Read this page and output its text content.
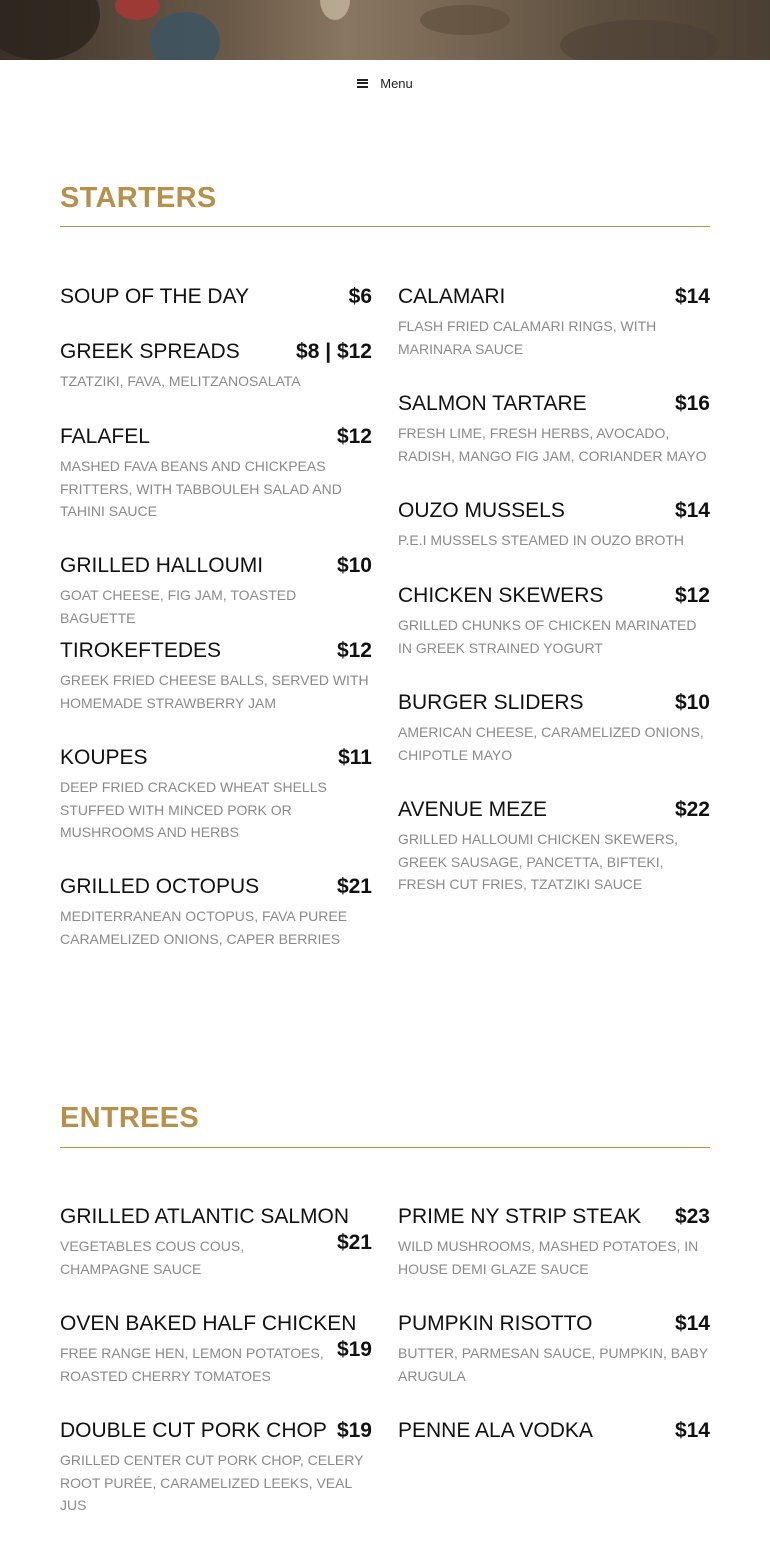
Menu
STARTERS
SOUP OF THE DAY	$6
GREEK SPREADS	$8 | $12
TZATZIKI, FAVA, MELITZANOSALATA
FALAFEL	$12
MASHED FAVA BEANS AND CHICKPEAS FRITTERS, WITH TABBOULEH SALAD AND TAHINI SAUCE
GRILLED HALLOUMI	$10
GOAT CHEESE, FIG JAM, TOASTED BAGUETTE
TIROKEFTEDES	$12
GREEK FRIED CHEESE BALLS, SERVED WITH HOMEMADE STRAWBERRY JAM
KOUPES	$11
DEEP FRIED CRACKED WHEAT SHELLS STUFFED WITH MINCED PORK OR MUSHROOMS AND HERBS
GRILLED OCTOPUS	$21
MEDITERRANEAN OCTOPUS, FAVA PUREE CARAMELIZED ONIONS, CAPER BERRIES
CALAMARI	$14
FLASH FRIED CALAMARI RINGS, WITH MARINARA SAUCE
SALMON TARTARE	$16
FRESH LIME, FRESH HERBS, AVOCADO, RADISH, MANGO FIG JAM, CORIANDER MAYO
OUZO MUSSELS	$14
P.E.I MUSSELS STEAMED IN OUZO BROTH
CHICKEN SKEWERS	$12
GRILLED CHUNKS OF CHICKEN MARINATED IN GREEK STRAINED YOGURT
BURGER SLIDERS	$10
AMERICAN CHEESE, CARAMELIZED ONIONS, CHIPOTLE MAYO
AVENUE MEZE	$22
GRILLED HALLOUMI CHICKEN SKEWERS, GREEK SAUSAGE, PANCETTA, BIFTEKI, FRESH CUT FRIES, TZATZIKI SAUCE
ENTREES
GRILLED ATLANTIC SALMON
$21
VEGETABLES COUS COUS, CHAMPAGNE SAUCE
OVEN BAKED HALF CHICKEN
$19
FREE RANGE HEN, LEMON POTATOES, ROASTED CHERRY TOMATOES
DOUBLE CUT PORK CHOP $19
GRILLED CENTER CUT PORK CHOP, CELERY ROOT PURÉE, CARAMELIZED LEEKS, VEAL JUS
PRIME NY STRIP STEAK $23
WILD MUSHROOMS, MASHED POTATOES, IN HOUSE DEMI GLAZE SAUCE
PUMPKIN RISOTTO	$14
BUTTER, PARMESAN SAUCE, PUMPKIN, BABY ARUGULA
PENNE ALA VODKA	$14
